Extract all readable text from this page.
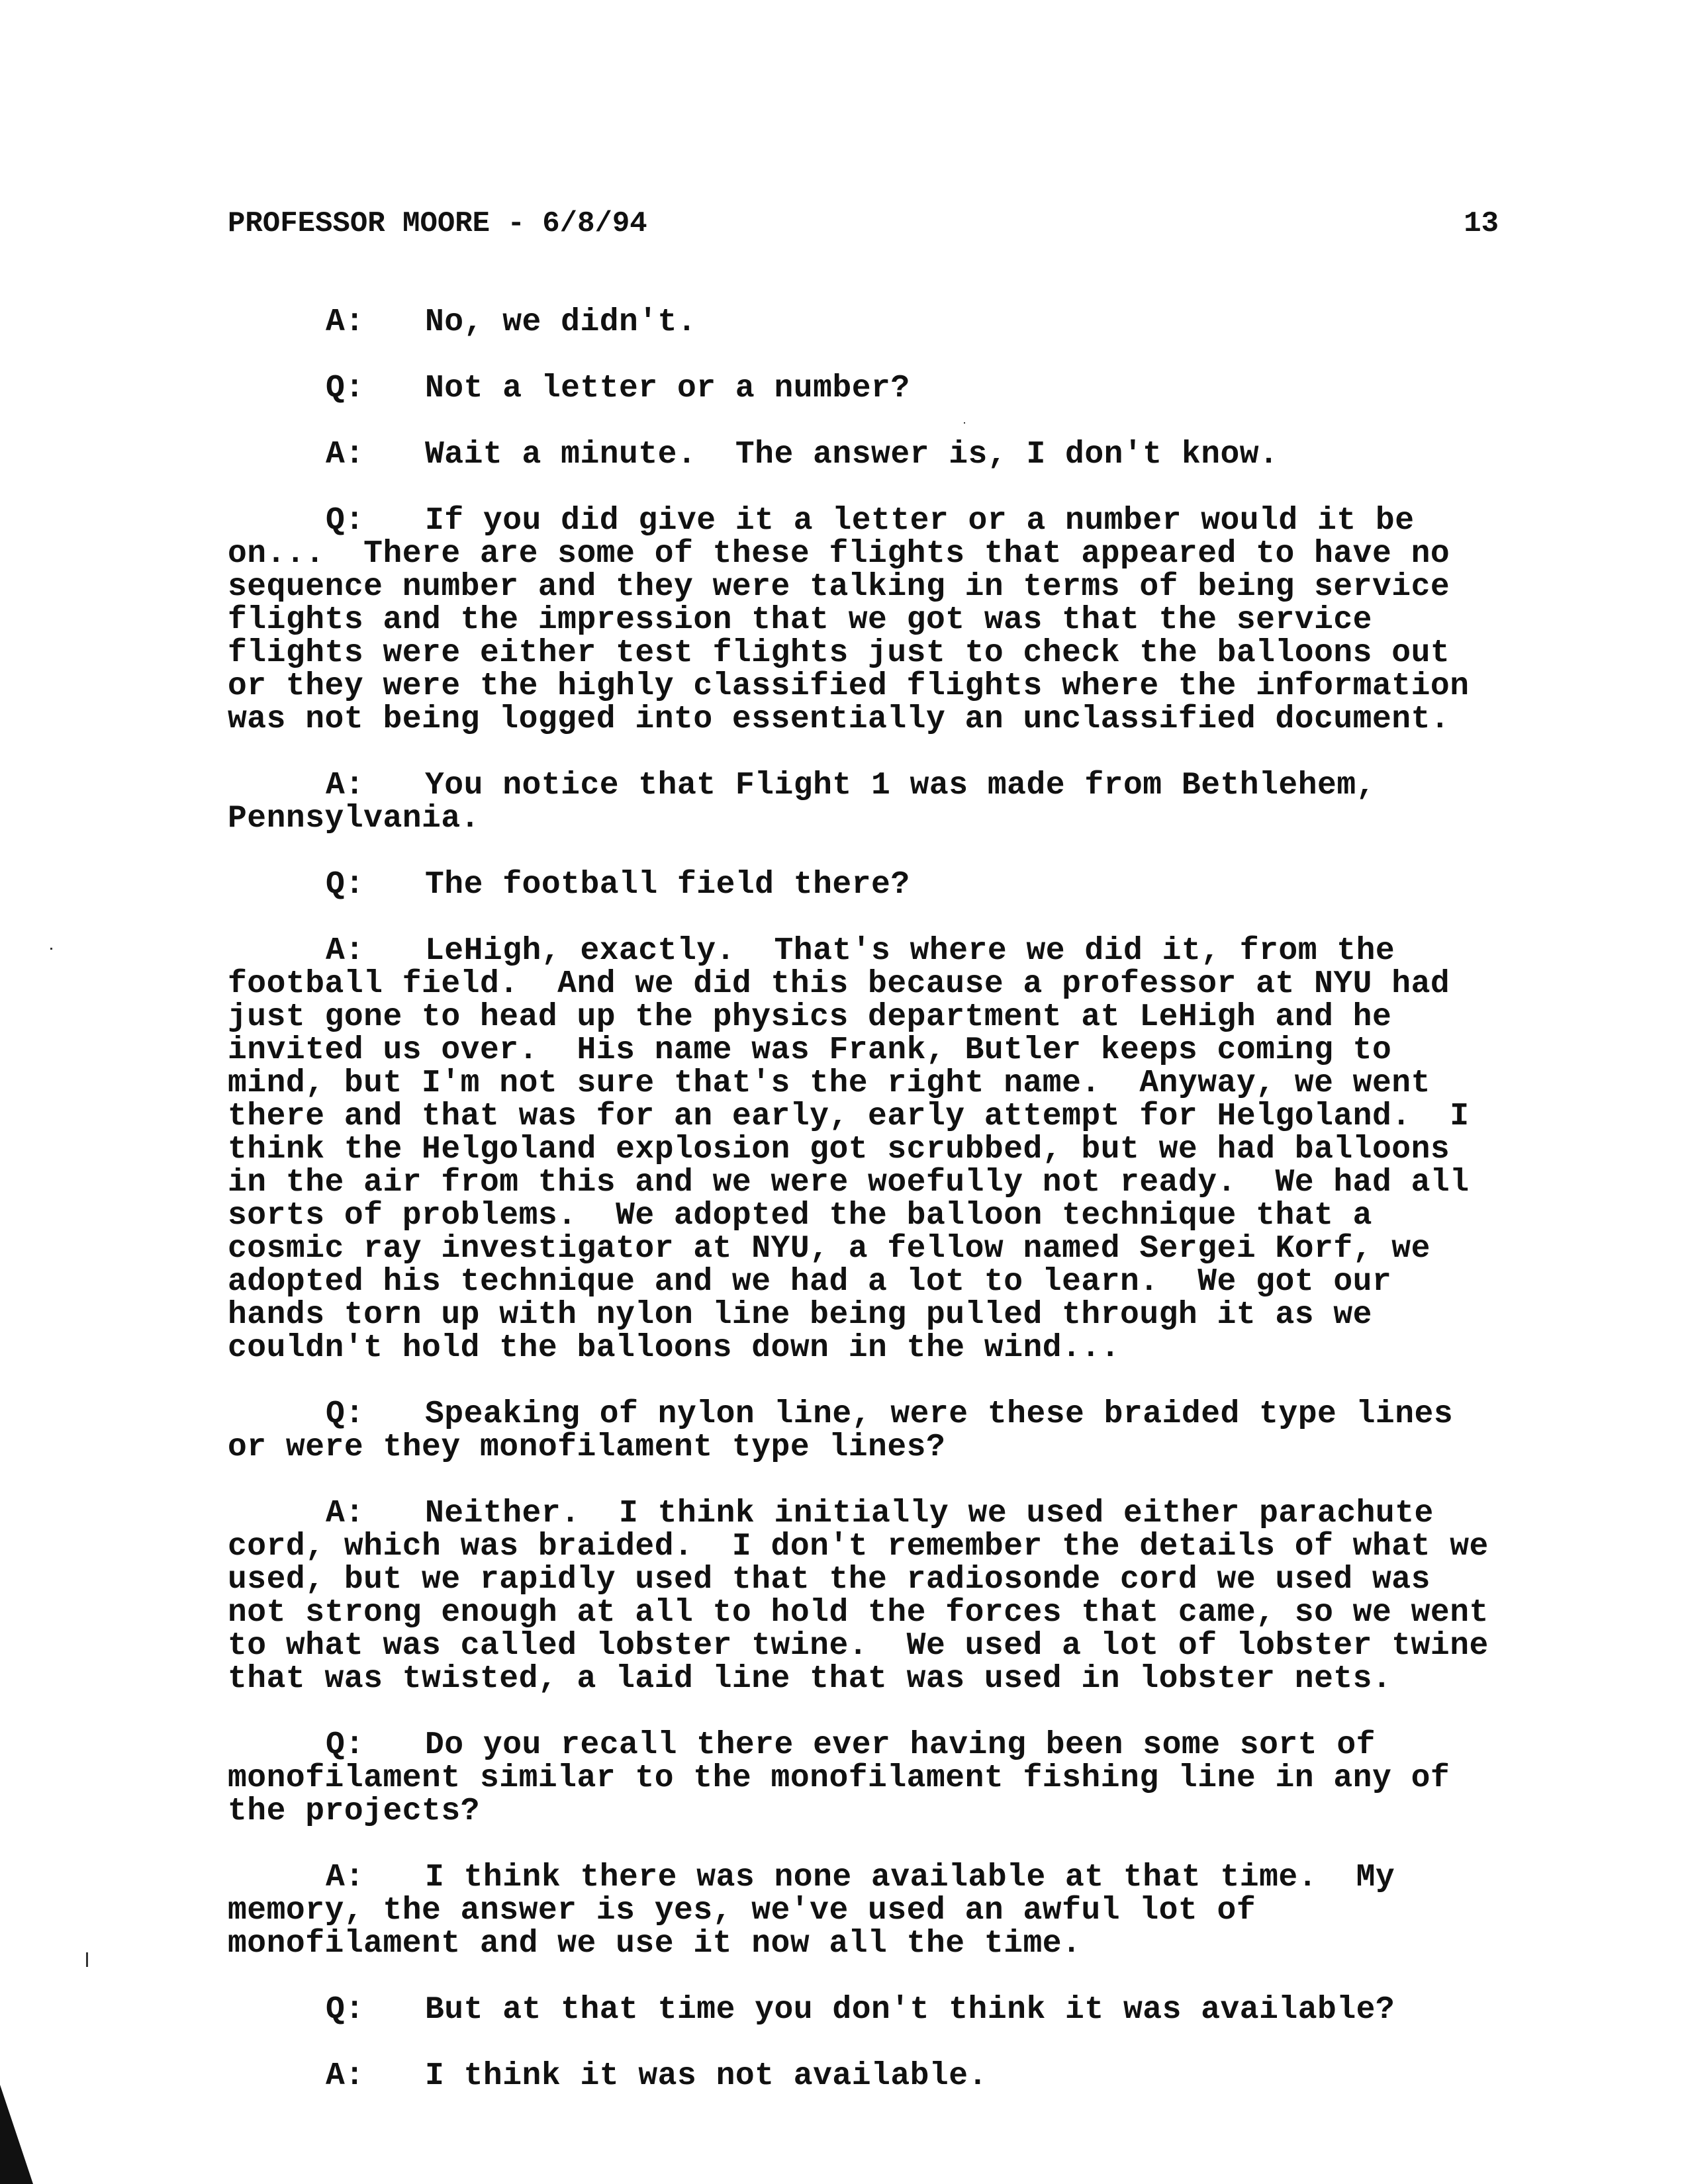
PROFESSOR MOORE - 6/8/94	13
A: No, we didn't.
Q: Not a letter or a number?
A: Wait a minute.  The answer is, I don't know.
Q: If you did give it a letter or a number would it be
on...  There are some of these flights that appeared to have no
sequence number and they were talking in terms of being service
flights and the impression that we got was that the service
flights were either test flights just to check the balloons out
or they were the highly classified flights where the information
was not being logged into essentially an unclassified document.
A: You notice that Flight 1 was made from Bethlehem,
Pennsylvania.
Q: The football field there?
A: LeHigh, exactly.  That's where we did it, from the
football field.  And we did this because a professor at NYU had
just gone to head up the physics department at LeHigh and he
invited us over.  His name was Frank, Butler keeps coming to
mind, but I'm not sure that's the right name.  Anyway, we went
there and that was for an early, early attempt for Helgoland.  I
think the Helgoland explosion got scrubbed, but we had balloons
in the air from this and we were woefully not ready.  We had all
sorts of problems.  We adopted the balloon technique that a
cosmic ray investigator at NYU, a fellow named Sergei Korf, we
adopted his technique and we had a lot to learn.  We got our
hands torn up with nylon line being pulled through it as we
couldn't hold the balloons down in the wind...
Q: Speaking of nylon line, were these braided type lines
or were they monofilament type lines?
A: Neither.  I think initially we used either parachute
cord, which was braided.  I don't remember the details of what we
used, but we rapidly used that the radiosonde cord we used was
not strong enough at all to hold the forces that came, so we went
to what was called lobster twine.  We used a lot of lobster twine
that was twisted, a laid line that was used in lobster nets.
Q: Do you recall there ever having been some sort of
monofilament similar to the monofilament fishing line in any of
the projects?
A: I think there was none available at that time.  My
memory, the answer is yes, we've used an awful lot of
monofilament and we use it now all the time.
Q: But at that time you don't think it was available?
A: I think it was not available.
